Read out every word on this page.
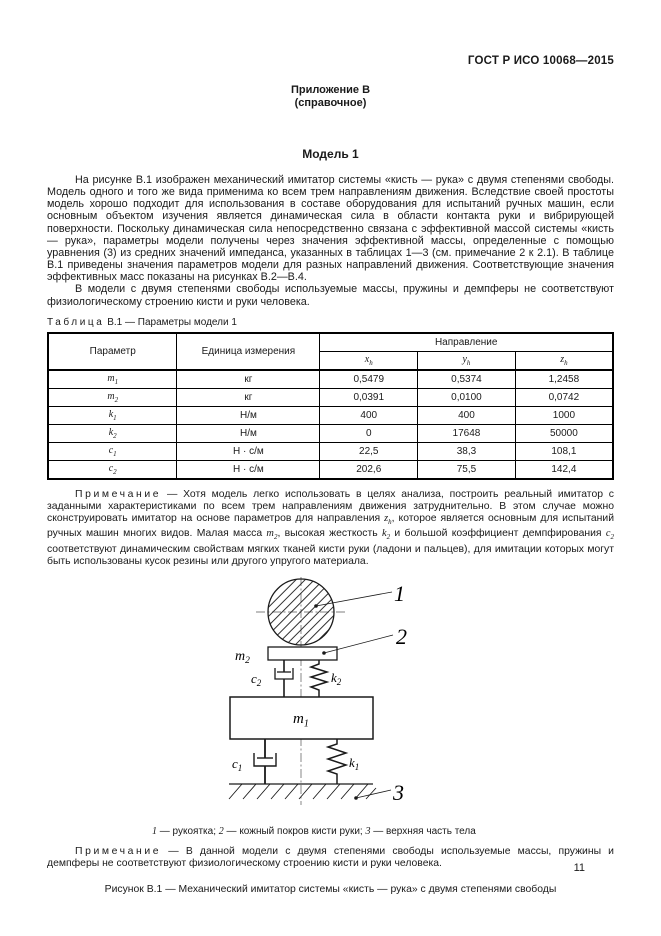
ГОСТ Р ИСО 10068—2015
Приложение В
(справочное)
Модель 1

На рисунке В.1 изображен механический имитатор системы «кисть — рука» с двумя степенями свободы. Модель одного и того же вида применима ко всем трем направлениям движения. Вследствие своей простоты модель хорошо подходит для использования в составе оборудования для испытаний ручных машин, если основным объектом изучения является динамическая сила в области контакта руки и вибрирующей поверхности. Поскольку динамическая сила непосредственно связана с эффективной массой системы «кисть — рука», параметры модели получены через значения эффективной массы, определенные с помощью уравнения (3) из средних значений импеданса, указанных в таблицах 1—3 (см. примечание 2 к 2.1). В таблице В.1 приведены значения параметров модели для разных направлений движения. Соответствующие значения эффективных масс показаны на рисунках В.2—В.4.

В модели с двумя степенями свободы используемые массы, пружины и демпферы не соответствуют физиологическому строению кисти и руки человека.

Таблица В.1 — Параметры модели 1
Параметр	Единица измерения	Направление		
		$x_h$	$y_h$	$z_h$
$m_1$	кг	0,5479	0,5374	1,2458
$m_2$	кг	0,0391	0,0100	0,0742
$k_1$	Н/м	400	400	1000
$k_2$	Н/м	0	17648	50000
$c_1$	Н · с/м	22,5	38,3	108,1
$c_2$	Н · с/м	202,6	75,5	142,4

Примечание — Хотя модель легко использовать в целях анализа, построить реальный имитатор с заданными характеристиками по всем трем направлениям движения затруднительно. В этом случае можно сконструировать имитатор на основе параметров для направления $z_h$, которое является основным для испытаний ручных машин многих видов. Малая масса $m_2$, высокая жесткость $k_2$ и большой коэффициент демпфирования $c_2$ соответствуют динамическим свойствам мягких тканей кисти руки (ладони и пальцев), для имитации которых могут быть использованы кусок резины или другого упругого материала.

1
$m_2$
2
$c_2$	$k_2$
$m_1$
$c_1$	$k_1$
3
1 — рукоятка; 2 — кожный покров кисти руки; 3 — верхняя часть тела

Примечание — В данной модели с двумя степенями свободы используемые массы, пружины и демпферы не соответствуют физиологическому строению кисти и руки человека.

Рисунок В.1 — Механический имитатор системы «кисть — рука» с двумя степенями свободы
11
